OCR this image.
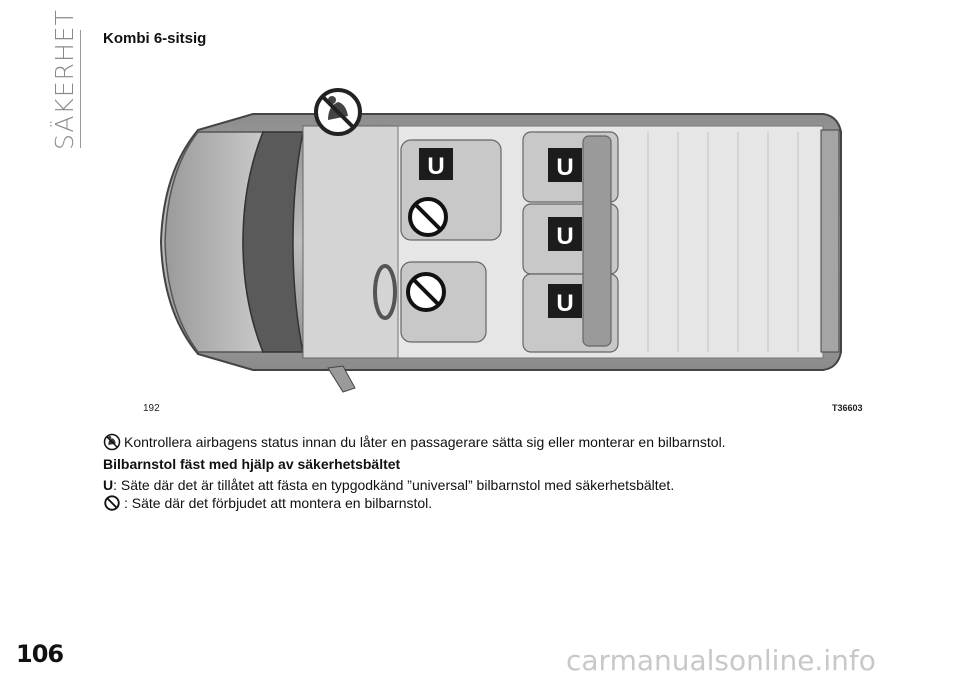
SÄKERHET Kombi 6-sitsig
U	U
U
U
192	T36603
Kontrollera airbagens status innan du låter en passagerare sätta sig eller monterar en bilbarnstol.
Bilbarnstol fäst med hjälp av säkerhetsbältet
U : Säte där det är tillåtet att fästa en typgodkänd ”universal” bilbarnstol med säkerhetsbältet.
: Säte där det förbjudet att montera en bilbarnstol.
106	carmanualsonline.info
